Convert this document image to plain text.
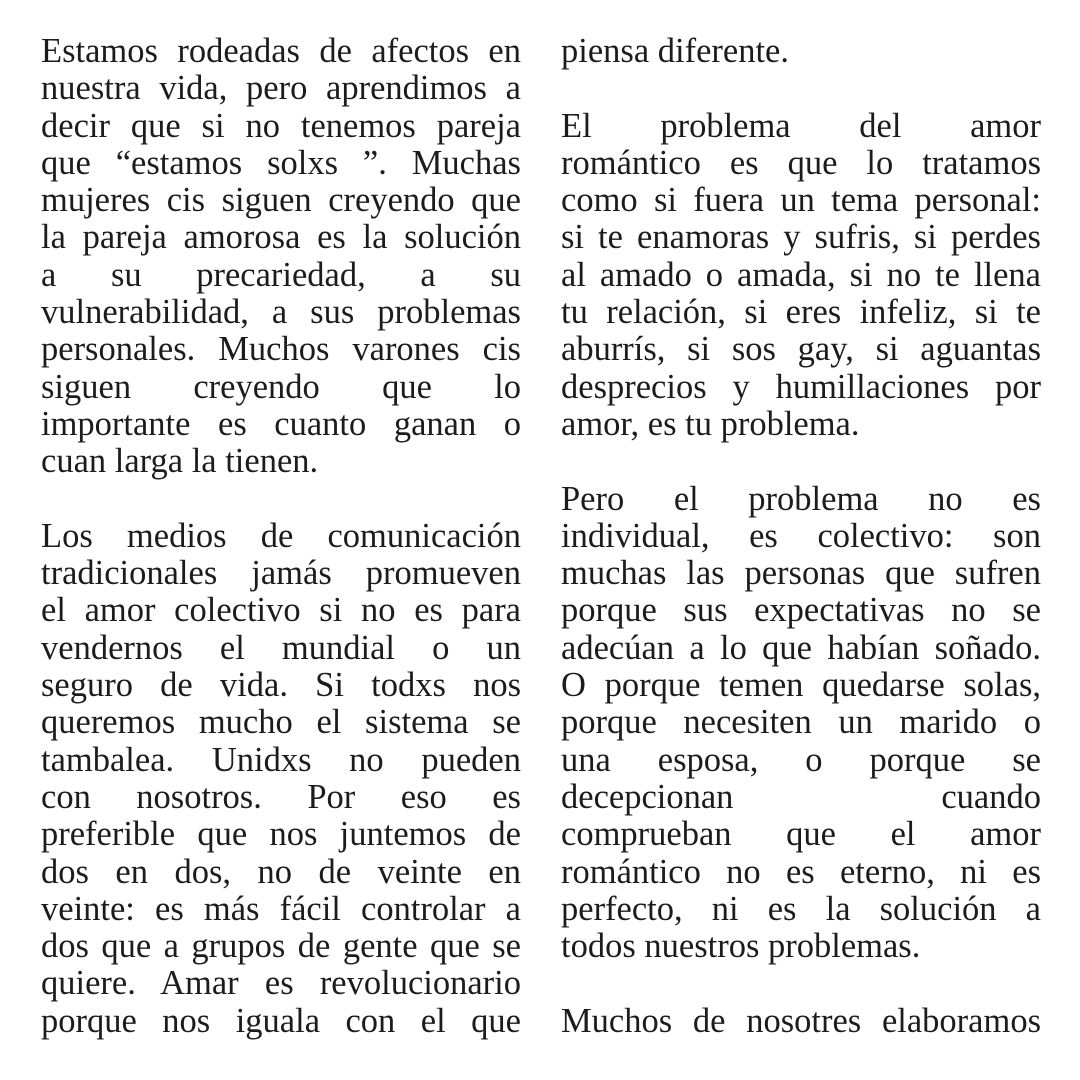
Estamos rodeadas de afectos en
nuestra vida, pero aprendimos a
decir que si no tenemos pareja
que “estamos solxs ”. Muchas
mujeres cis siguen creyendo que
la pareja amorosa es la solución
a su precariedad, a su
vulnerabilidad, a sus problemas
personales. Muchos varones cis
siguen creyendo que lo
importante es cuanto ganan o
cuan larga la tienen.
Los medios de comunicación
tradicionales jamás promueven
el amor colectivo si no es para
vendernos el mundial o un
seguro de vida. Si todxs nos
queremos mucho el sistema se
tambalea. Unidxs no pueden
con nosotros. Por eso es
preferible que nos juntemos de
dos en dos, no de veinte en
veinte: es más fácil controlar a
dos que a grupos de gente que se
quiere. Amar es revolucionario
porque nos iguala con el que
piensa diferente.
El problema del amor
romántico es que lo tratamos
como si fuera un tema personal:
si te enamoras y sufris, si perdes
al amado o amada, si no te llena
tu relación, si eres infeliz, si te
aburrís, si sos gay, si aguantas
desprecios y humillaciones por
amor, es tu problema.
Pero el problema no es
individual, es colectivo: son
muchas las personas que sufren
porque sus expectativas no se
adecúan a lo que habían soñado.
O porque temen quedarse solas,
porque necesiten un marido o
una esposa, o porque se
decepcionan cuando
comprueban que el amor
romántico no es eterno, ni es
perfecto, ni es la solución a
todos nuestros problemas.
Muchos de nosotres elaboramos
